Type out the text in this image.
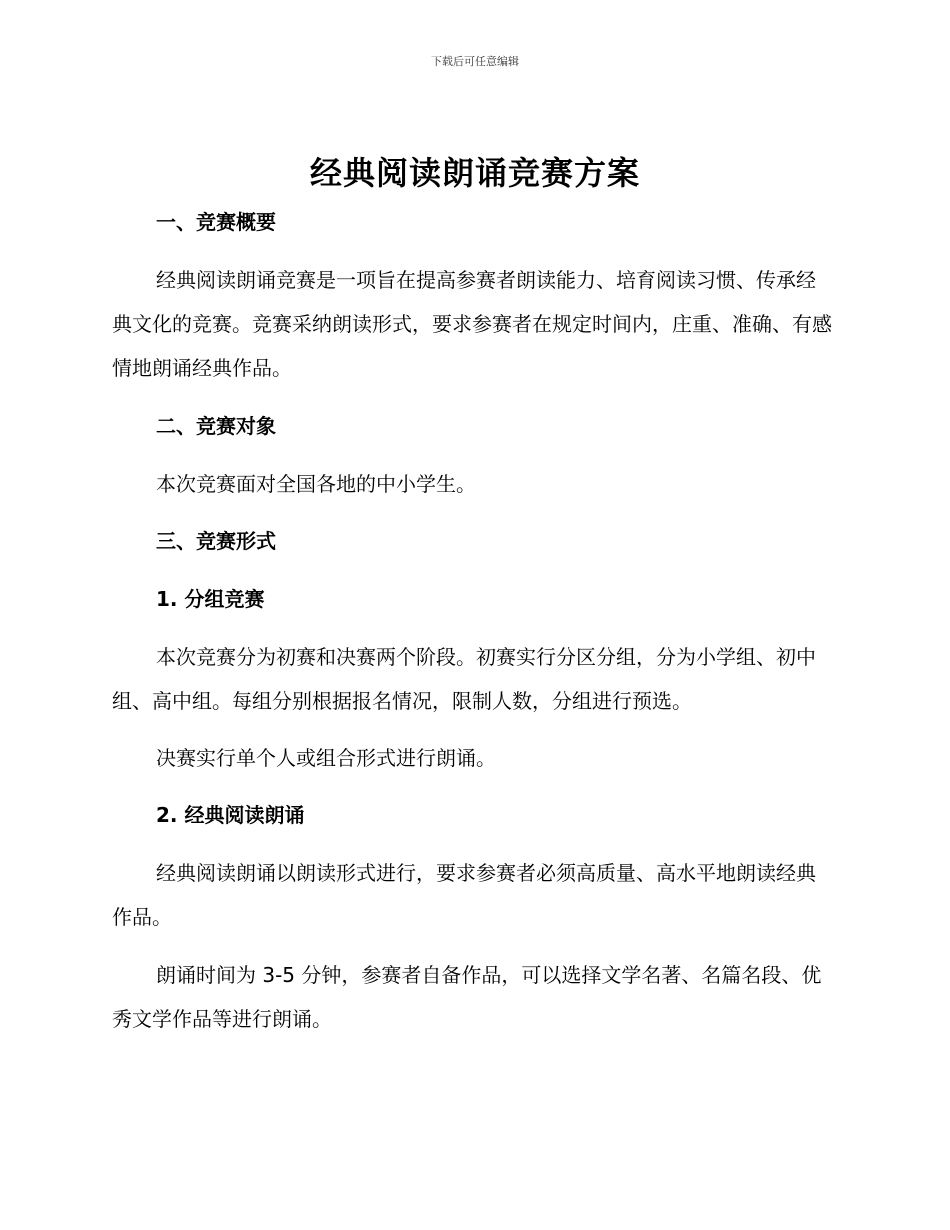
下载后可任意编辑
经典阅读朗诵竞赛方案
一、竞赛概要

经典阅读朗诵竞赛是一项旨在提高参赛者朗读能力、培育阅读习惯、传承经典文化的竞赛。竞赛采纳朗读形式，要求参赛者在规定时间内，庄重、准确、有感情地朗诵经典作品。

二、竞赛对象

本次竞赛面对全国各地的中小学生。

三、竞赛形式
1. 分组竞赛

本次竞赛分为初赛和决赛两个阶段。初赛实行分区分组，分为小学组、初中组、高中组。每组分别根据报名情况，限制人数，分组进行预选。

决赛实行单个人或组合形式进行朗诵。

2. 经典阅读朗诵

经典阅读朗诵以朗读形式进行，要求参赛者必须高质量、高水平地朗读经典作品。

朗诵时间为 3-5 分钟，参赛者自备作品，可以选择文学名著、名篇名段、优秀文学作品等进行朗诵。
